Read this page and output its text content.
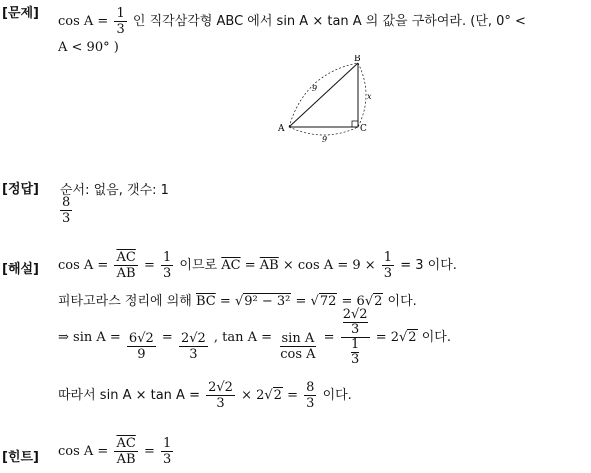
[문제]
$\cos A = \frac{1}{3}$ 인 직각삼각형 ABC 에서 sin A × tan A 의 값을 구하여라. (단, 0° <
A < 90° )
A
B
C
9
x
9
[정답] 순서: 없음, 갯수: 1
$\frac{8}{3}$
[해설] $\cos A = \frac{\overline{AC}}{AB} = \frac{1}{3}$ 이므로 $\overline{AC} = \overline{AB} \times \cos A = 9 \times \frac{1}{3} = 3$ 이다.
피타고라스 정리에 의해 $\overline{BC} = √9^2 - 3^2 = √72 = 6√2$ 이다.
⇒ $\sin A = \frac{6√2}{9} = \frac{2√2}{3}$ , $\tan A = \frac{\text{sin A}}{\text{cos A}} = 2√2$
3
1
3 = 2√2 이다.
따라서 $\sin A \times \tan A = \frac{2√2}{3} \times 2√2 = \frac{8}{3}$ 이다.
[힌트] $\cos A = \frac{\overline{AC}}{AB} = \frac{1}{3}$
